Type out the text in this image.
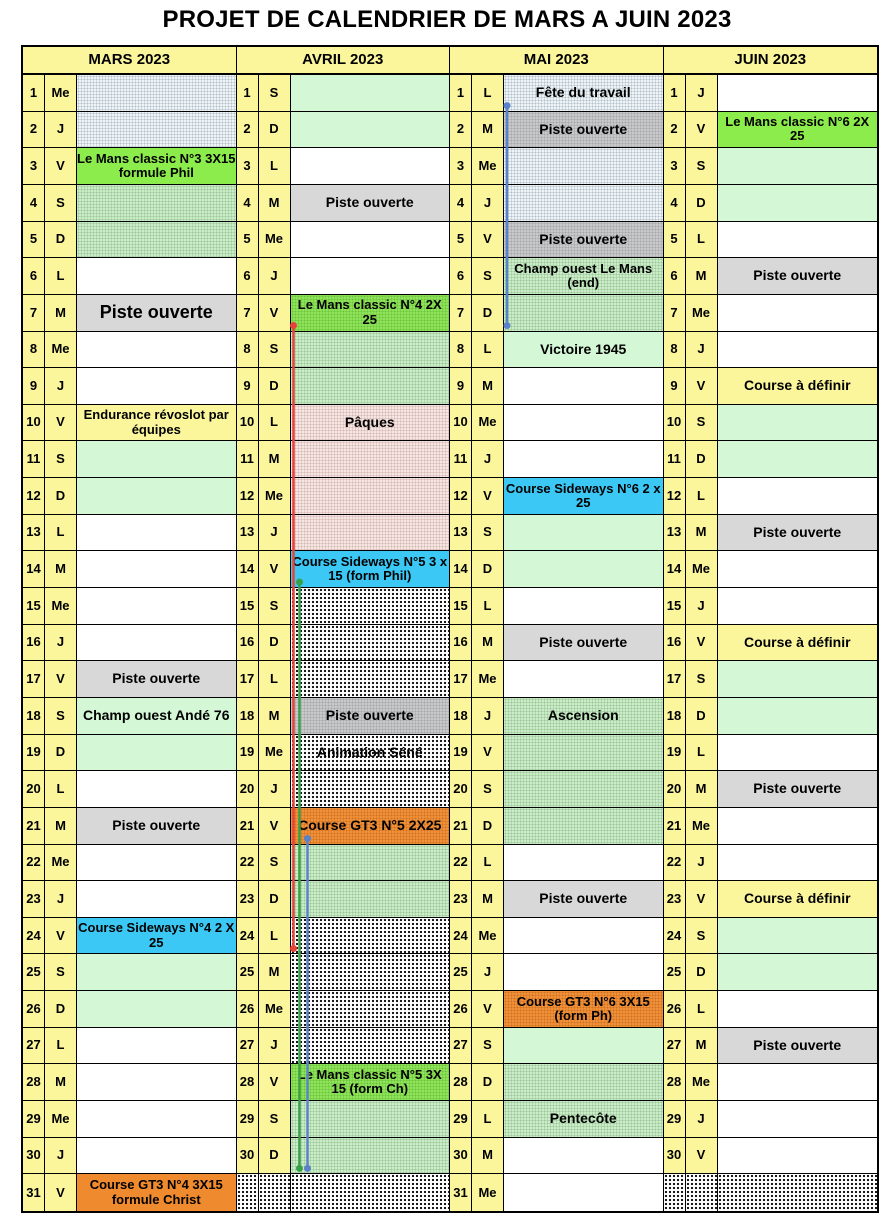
PROJET DE CALENDRIER DE MARS A JUIN 2023
MARS 2023
1	Me
2	J
3	V Le Mans classic N°3 3X15 formule Phil
4	S
5	D
6	L
7	M	Piste ouverte
8	Me
9	J
10	V	Endurance révoslot par équipes
11	S
12	D
13	L
14	M
15 Me
16	J
17	V	Piste ouverte
18	S	Champ ouest Andé 76
19	D
20	L
21	M	Piste ouverte
22 Me
23	J
24	V	Course Sideways N°4 2 X 25
25	S
26	D
27	L
28	M
29 Me
30	J
31	V	Course GT3 N°4 3X15 formule Christ
AVRIL 2023
1	S
2	D
3	L
4	M	Piste ouverte
5	Me
6	J
7	V	Le Mans classic N°4 2X 25
8	S
9	D
10	L	Pâques
11	M
12 Me
13	J
14	V	Course Sideways N°5 3 x 15 (form Phil)
15	S
16	D
17	L
18	M	Piste ouverte
19 Me	Animation Séné
20	J
21	V	Course GT3 N°5 2X25
22	S
23	D
24	L
25	M
26 Me
27	J
28	V	Le Mans classic N°5 3X 15 (form Ch)
29	S
30	D
MAI 2023
1	L	Fête du travail
2	M	Piste ouverte
3	Me
4	J
5	V	Piste ouverte
6	S	Champ ouest Le Mans (end)
7	D
8	L	Victoire 1945
9	M
10 Me
11	J
12	V	Course Sideways N°6 2 x 25
13	S
14	D
15	L
16	M	Piste ouverte
17 Me
18	J	Ascension
19	V
20	S
21	D
22	L
23	M	Piste ouverte
24 Me
25	J
26	V	Course GT3 N°6 3X15 (form Ph)
27	S
28	D
29	L	Pentecôte
30	M
31 Me
JUIN 2023
1	J
2	V	Le Mans classic N°6 2X 25
3	S
4	D
5	L
6	M	Piste ouverte
7	Me
8	J
9	V	Course à définir
10	S
11	D
12	L
13	M	Piste ouverte
14 Me
15	J
16	V	Course à définir
17	S
18	D
19	L
20	M	Piste ouverte
21 Me
22	J
23	V	Course à définir
24	S
25	D
26	L
27	M	Piste ouverte
28 Me
29	J
30	V
